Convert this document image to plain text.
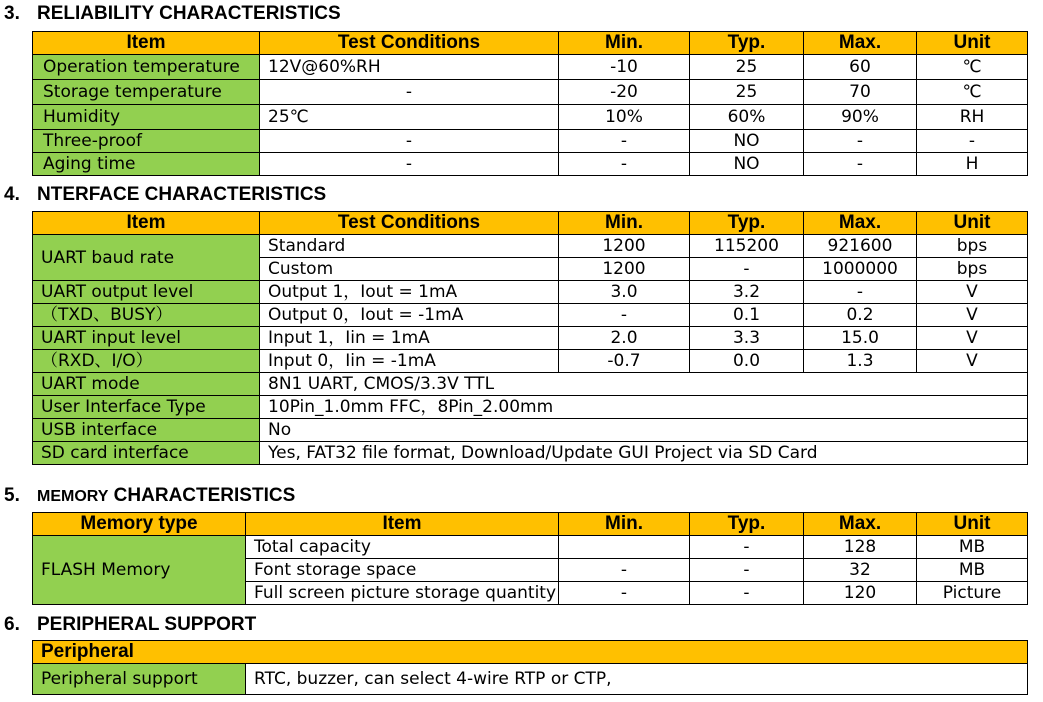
3. RELIABILITY CHARACTERISTICS
Item	Test Conditions	Min.	Typ.	Max.	Unit
Operation temperature	12V@60%RH	-10	25	60	℃
Storage temperature	-	-20	25	70	℃
Humidity	25℃	10%	60%	90%	RH
Three-proof	-	-	NO	-	-
Aging time	-	-	NO	-	H
4. NTERFACE CHARACTERISTICS
Item	Test Conditions	Min.	Typ.	Max.	Unit
UART baud rate	Standard	1200	115200	921600	bps
	Custom	1200	-	1000000	bps
UART output level	Output 1，Iout = 1mA	3.0	3.2	-	V
（TXD、BUSY）	Output 0，Iout = -1mA	-	0.1	0.2	V
UART input level	Input 1，Iin = 1mA	2.0	3.3	15.0	V
（RXD、I/O）	Input 0，Iin = -1mA	-0.7	0.0	1.3	V
UART mode	8N1 UART, CMOS/3.3V TTL				
User Interface Type	10Pin_1.0mm FFC，8Pin_2.00mm				
USB interface	No				
SD card interface	Yes, FAT32 file format, Download/Update GUI Project via SD Card				
5. MEMORY CHARACTERISTICS
Memory type	Item	Min.	Typ.	Max.	Unit
FLASH Memory	Total capacity		-	128	MB
	Font storage space	-	-	32	MB
	Full screen picture storage quantity	-	-	120	Picture
6. PERIPHERAL SUPPORT
Peripheral
Peripheral support	RTC, buzzer, can select 4-wire RTP or CTP,
